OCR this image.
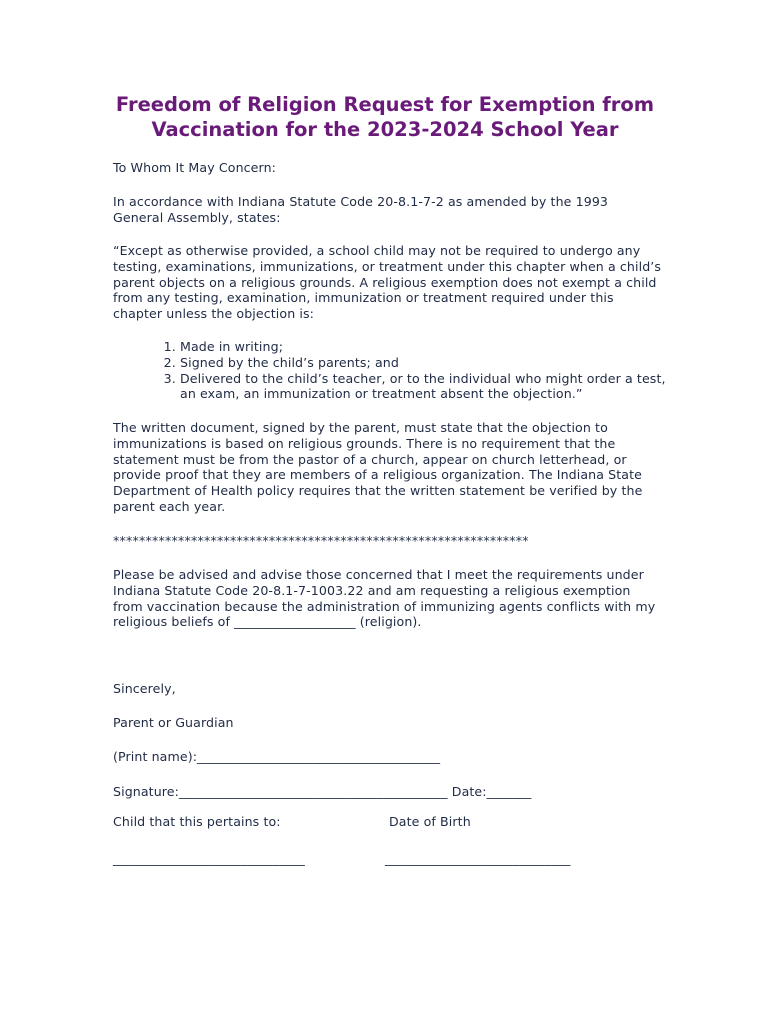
Freedom of Religion Request for Exemption from
Vaccination for the 2023-2024 School Year
To Whom It May Concern:
In accordance with Indiana Statute Code 20-8.1-7-2 as amended by the 1993
General Assembly, states:
“Except as otherwise provided, a school child may not be required to undergo any
testing, examinations, immunizations, or treatment under this chapter when a child’s
parent objects on a religious grounds. A religious exemption does not exempt a child
from any testing, examination, immunization or treatment required under this
chapter unless the objection is:
1. Made in writing;
2. Signed by the child’s parents; and
3. Delivered to the child’s teacher, or to the individual who might order a test, an exam, an immunization or treatment absent the objection.”
The written document, signed by the parent, must state that the objection to
immunizations is based on religious grounds. There is no requirement that the
statement must be from the pastor of a church, appear on church letterhead, or
provide proof that they are members of a religious organization. The Indiana State
Department of Health policy requires that the written statement be verified by the
parent each year.
****************************************************************
Please be advised and advise those concerned that I meet the requirements under
Indiana Statute Code 20-8.1-7-1003.22 and am requesting a religious exemption
from vaccination because the administration of immunizing agents conflicts with my
religious beliefs of ___________________ (religion).
Sincerely,
Parent or Guardian
(Print name):______________________________________
Signature:__________________________________________ Date:_______
Child that this pertains to:	Date of Birth
______________________________	_____________________________
